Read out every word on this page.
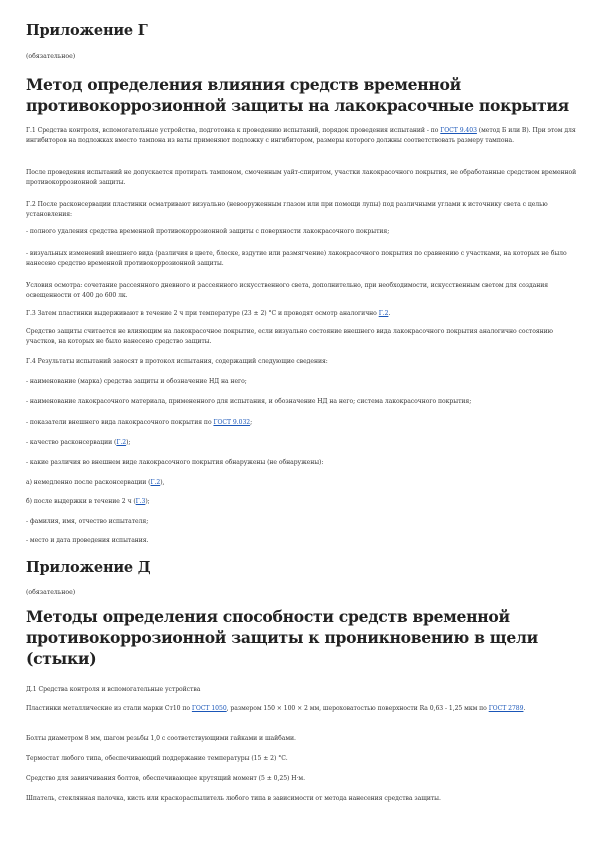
Приложение Г
(обязательное)
Метод определения влияния средств временной противокоррозионной защиты на лакокрасочные покрытия

Г.1 Средства контроля, вспомогательные устройства, подготовка к проведению испытаний, порядок проведения испытаний - по ГОСТ 9.403 (метод Б или В). При этом для ингибиторов на подложках вместо тампона из ваты применяют подложку с ингибитором, размеры которого должны соответствовать размеру тампона.

После проведения испытаний не допускается протирать тампоном, смоченным уайт-спиритом, участки лакокрасочного покрытия, не обработанные средством временной противокоррозионной защиты.

Г.2 После расконсервации пластинки осматривают визуально (невооруженным глазом или при помощи лупы) под различными углами к источнику света с целью установления:

- полного удаления средства временной противокоррозионной защиты с поверхности лакокрасочного покрытия;

- визуальных изменений внешнего вида (различия в цвете, блеске, вздутие или размягчение) лакокрасочного покрытия по сравнению с участками, на которых не было нанесено средство временной противокоррозионной защиты.

Условия осмотра: сочетание рассеянного дневного и рассеянного искусственного света, дополнительно, при необходимости, искусственным светом для создания освещенности от 400 до 600 лк.

Г.3 Затем пластинки выдерживают в течение 2 ч при температуре (23 ± 2) °С и проводят осмотр аналогично Г.2.

Средство защиты считается не влияющим на лакокрасочное покрытие, если визуально состояние внешнего вида лакокрасочного покрытия аналогично состоянию участков, на которых не было нанесено средство защиты.

Г.4 Результаты испытаний заносят в протокол испытания, содержащий следующие сведения:

- наименование (марка) средства защиты и обозначение НД на него;

- наименование лакокрасочного материала, примененного для испытания, и обозначение НД на него; система лакокрасочного покрытия;

- показатели внешнего вида лакокрасочного покрытия по ГОСТ 9.032;

- качество расконсервации (Г.2);

- какие различия во внешнем виде лакокрасочного покрытия обнаружены (не обнаружены):

а) немедленно после расконсервации (Г.2),

б) после выдержки в течение 2 ч (Г.3);

- фамилия, имя, отчество испытателя;

- место и дата проведения испытания.

Приложение Д
(обязательное)
Методы определения способности средств временной противокоррозионной защиты к проникновению в щели (стыки)

Д.1 Средства контроля и вспомогательные устройства

Пластинки металлические из стали марки Ст10 по ГОСТ 1050, размером 150 × 100 × 2 мм, шероховатостью поверхности Ra 0,63 - 1,25 мкм по ГОСТ 2789.

Болты диаметром 8 мм, шагом резьбы 1,0 с соответствующими гайками и шайбами.

Термостат любого типа, обеспечивающий поддержание температуры (15 ± 2) °С.

Средство для завинчивания болтов, обеспечивающее крутящий момент (5 ± 0,25) Н·м.

Шпатель, стеклянная палочка, кисть или краскораспылитель любого типа в зависимости от метода нанесения средства защиты.
